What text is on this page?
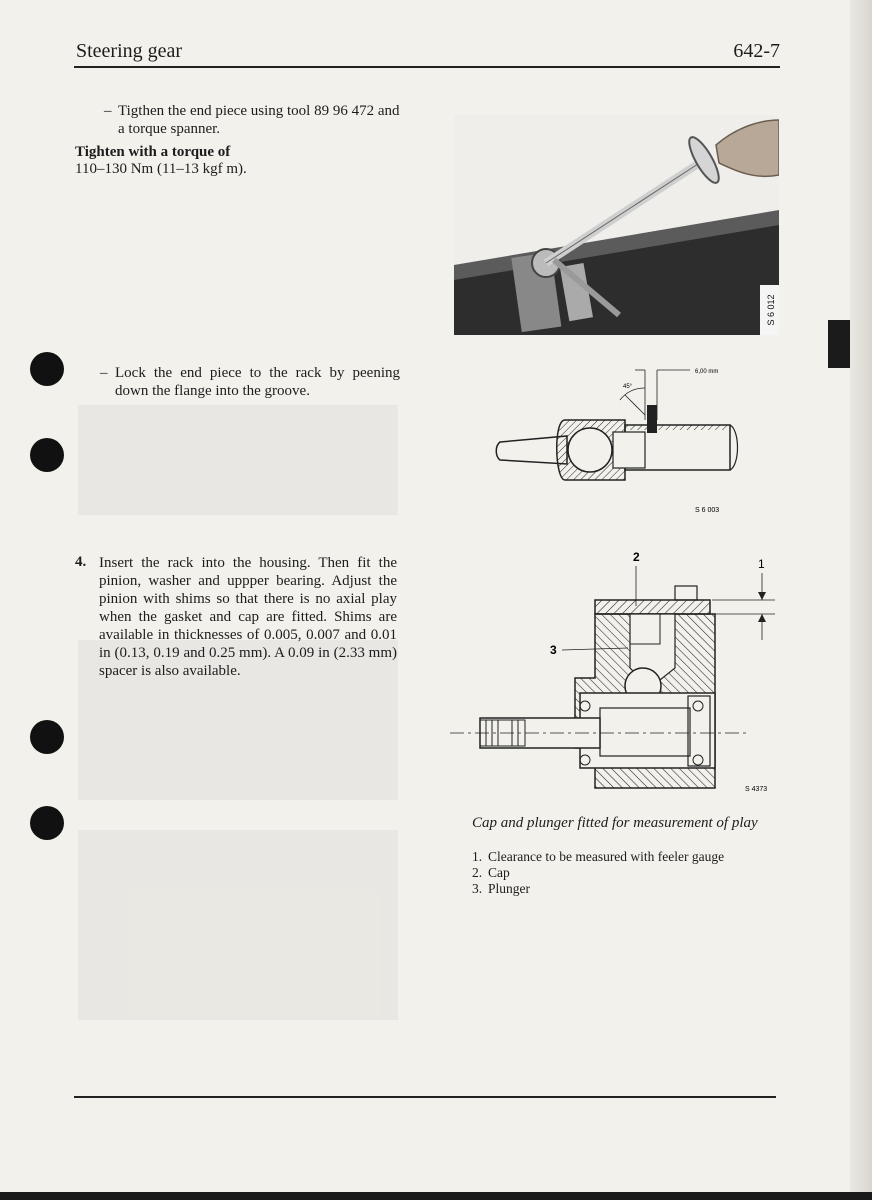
Steering gear	642-7
– Tigthen the end piece using tool 89 96 472 and a torque spanner.
Tighten with a torque of
110–130 Nm (11–13 kgf m).
– Lock the end piece to the rack by peening down the flange into the groove.
4. Insert the rack into the housing. Then fit the pinion, washer and uppper bearing. Adjust the pinion with shims so that there is no axial play when the gasket and cap are fitted. Shims are available in thicknesses of 0.005, 0.007 and 0.01 in (0.13, 0.19 and 0.25 mm). A 0.09 in (2.33 mm) spacer is also available.
S 6 012
6,00 mm
45°
S 6 003
2	1
3
S 4373
Cap and plunger fitted for measurement of play
1. Clearance to be measured with feeler gauge
2. Cap
3. Plunger
